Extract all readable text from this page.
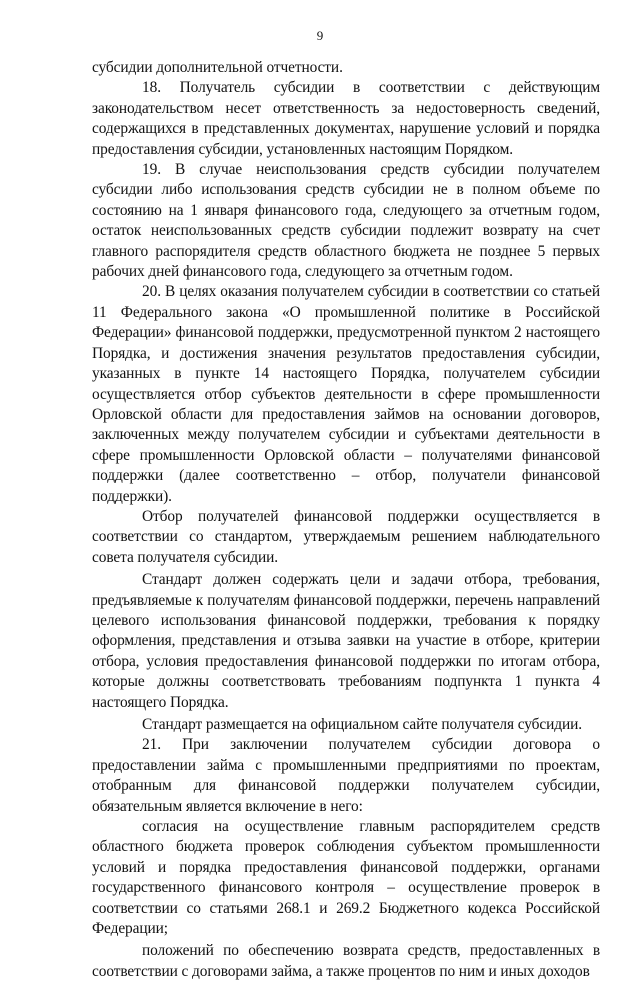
9

субсидии дополнительной отчетности.

18. Получатель субсидии в соответствии с действующим законодательством несет ответственность за недостоверность сведений, содержащихся в представленных документах, нарушение условий и порядка предоставления субсидии, установленных настоящим Порядком.

19. В случае неиспользования средств субсидии получателем субсидии либо использования средств субсидии не в полном объеме по состоянию на 1 января финансового года, следующего за отчетным годом, остаток неиспользованных средств субсидии подлежит возврату на счет главного распорядителя средств областного бюджета не позднее 5 первых рабочих дней финансового года, следующего за отчетным годом.

20. В целях оказания получателем субсидии в соответствии со статьей 11 Федерального закона «О промышленной политике в Российской Федерации» финансовой поддержки, предусмотренной пунктом 2 настоящего Порядка, и достижения значения результатов предоставления субсидии, указанных в пункте 14 настоящего Порядка, получателем субсидии осуществляется отбор субъектов деятельности в сфере промышленности Орловской области для предоставления займов на основании договоров, заключенных между получателем субсидии и субъектами деятельности в сфере промышленности Орловской области – получателями финансовой поддержки (далее соответственно – отбор, получатели финансовой поддержки).

Отбор получателей финансовой поддержки осуществляется в соответствии со стандартом, утверждаемым решением наблюдательного совета получателя субсидии.

Стандарт должен содержать цели и задачи отбора, требования, предъявляемые к получателям финансовой поддержки, перечень направлений целевого использования финансовой поддержки, требования к порядку оформления, представления и отзыва заявки на участие в отборе, критерии отбора, условия предоставления финансовой поддержки по итогам отбора, которые должны соответствовать требованиям подпункта 1 пункта 4 настоящего Порядка.

Стандарт размещается на официальном сайте получателя субсидии.

21. При заключении получателем субсидии договора о предоставлении займа с промышленными предприятиями по проектам, отобранным для финансовой поддержки получателем субсидии, обязательным является включение в него:

согласия на осуществление главным распорядителем средств областного бюджета проверок соблюдения субъектом промышленности условий и порядка предоставления финансовой поддержки, органами государственного финансового контроля – осуществление проверок в соответствии со статьями 268.1 и 269.2 Бюджетного кодекса Российской Федерации;

положений по обеспечению возврата средств, предоставленных в соответствии с договорами займа, а также процентов по ним и иных доходов
